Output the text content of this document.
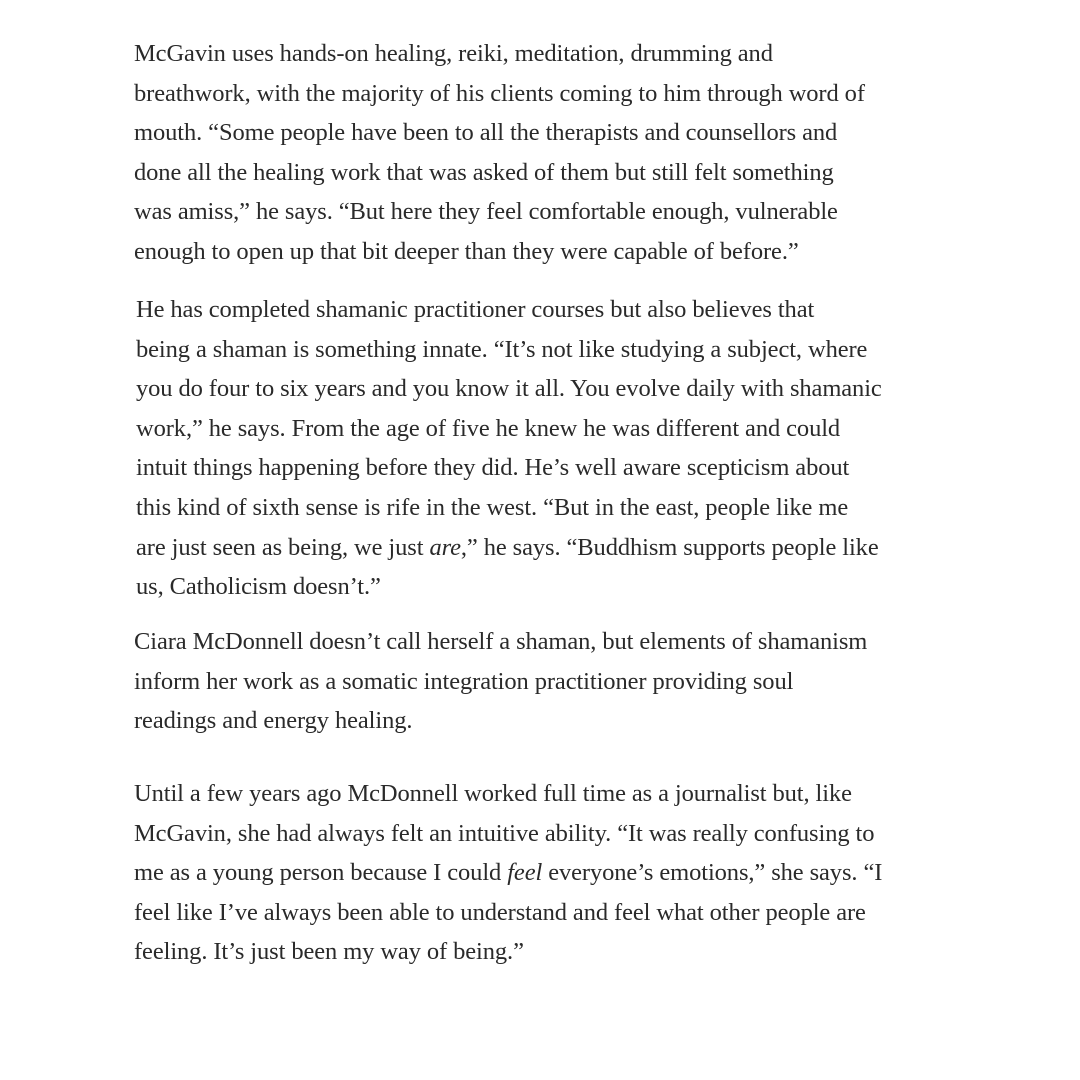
McGavin uses hands-on healing, reiki, meditation, drumming and
breathwork, with the majority of his clients coming to him through word of
mouth. “Some people have been to all the therapists and counsellors and
done all the healing work that was asked of them but still felt something
was amiss,” he says. “But here they feel comfortable enough, vulnerable
enough to open up that bit deeper than they were capable of before.”

He has completed shamanic practitioner courses but also believes that
being a shaman is something innate. “It’s not like studying a subject, where
you do four to six years and you know it all. You evolve daily with shamanic
work,” he says. From the age of five he knew he was different and could
intuit things happening before they did. He’s well aware scepticism about
this kind of sixth sense is rife in the west. “But in the east, people like me
are just seen as being, we just are,” he says. “Buddhism supports people like
us, Catholicism doesn’t.”

Ciara McDonnell doesn’t call herself a shaman, but elements of shamanism
inform her work as a somatic integration practitioner providing soul
readings and energy healing.

Until a few years ago McDonnell worked full time as a journalist but, like
McGavin, she had always felt an intuitive ability. “It was really confusing to
me as a young person because I could feel everyone’s emotions,” she says. “I
feel like I’ve always been able to understand and feel what other people are
feeling. It’s just been my way of being.”
